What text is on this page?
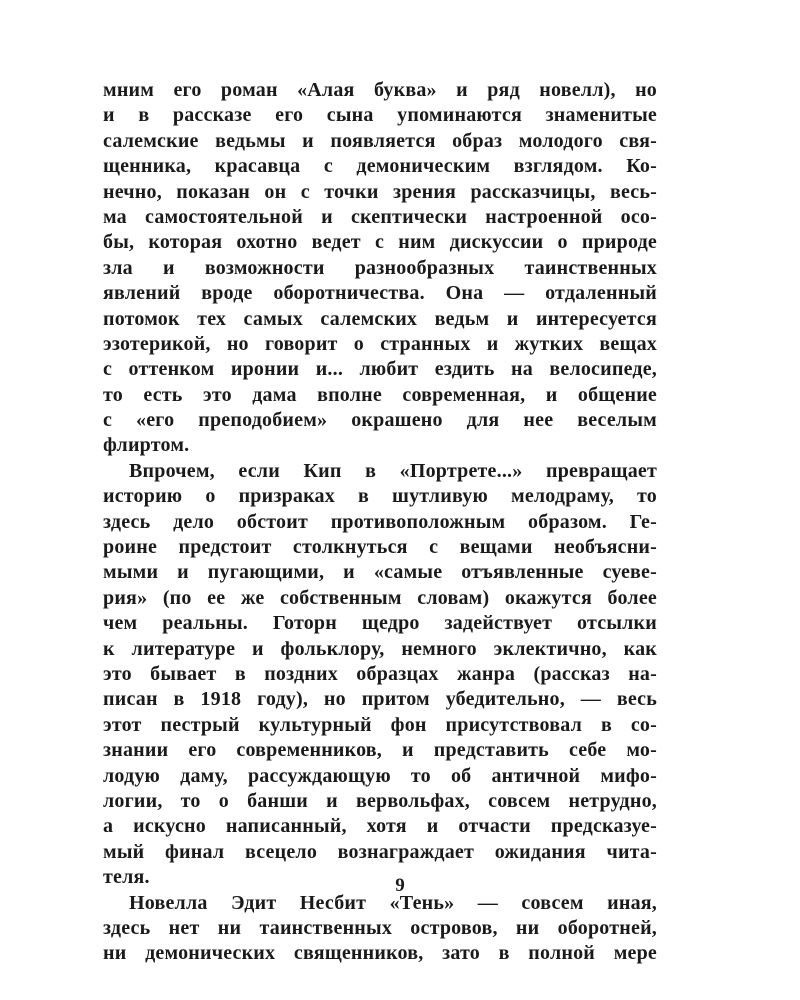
мним его роман «Алая буква» и ряд новелл), но
и в рассказе его сына упоминаются знаменитые
салемские ведьмы и появляется образ молодого свя-
щенника, красавца с демоническим взглядом. Ко-
нечно, показан он с точки зрения рассказчицы, весь-
ма самостоятельной и скептически настроенной осо-
бы, которая охотно ведет с ним дискуссии о природе
зла и возможности разнообразных таинственных
явлений вроде оборотничества. Она — отдаленный
потомок тех самых салемских ведьм и интересуется
эзотерикой, но говорит о странных и жутких вещах
с оттенком иронии и... любит ездить на велосипеде,
то есть это дама вполне современная, и общение
с «его преподобием» окрашено для нее веселым
флиртом.
Впрочем, если Кип в «Портрете...» превращает
историю о призраках в шутливую мелодраму, то
здесь дело обстоит противоположным образом. Ге-
роине предстоит столкнуться с вещами необъясни-
мыми и пугающими, и «самые отъявленные суеве-
рия» (по ее же собственным словам) окажутся более
чем реальны. Готорн щедро задействует отсылки
к литературе и фольклору, немного эклектично, как
это бывает в поздних образцах жанра (рассказ на-
писан в 1918 году), но притом убедительно, — весь
этот пестрый культурный фон присутствовал в со-
знании его современников, и представить себе мо-
лодую даму, рассуждающую то об античной мифо-
логии, то о банши и вервольфах, совсем нетрудно,
а искусно написанный, хотя и отчасти предсказуе-
мый финал всецело вознаграждает ожидания чита-
теля.
Новелла Эдит Несбит «Тень» — совсем иная,
здесь нет ни таинственных островов, ни оборотней,
ни демонических священников, зато в полной мере
9
